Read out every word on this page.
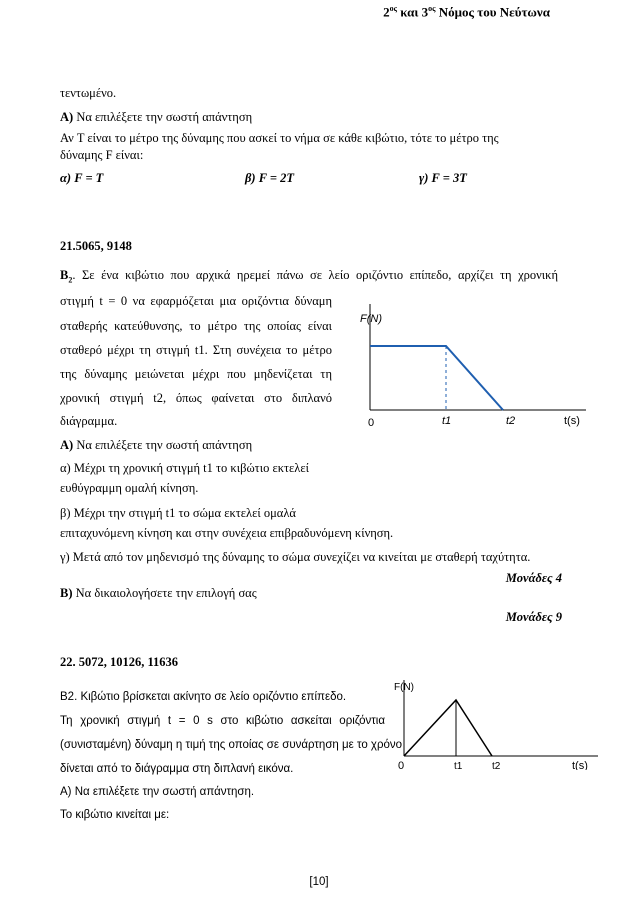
$2^{o\varsigma}$ και $3^{o\varsigma}$ Νόμος του Νεύτωνα
τεντωμένο.
A) Να επιλέξετε την σωστή απάντηση
Αν T είναι το μέτρο της δύναμης που ασκεί το νήμα σε κάθε κιβώτιο, τότε το μέτρο της
δύναμης F είναι:
α) F = T	β) F = 2T	γ) F = 3T
21.5065, 9148
$B_2$. Σε ένα κιβώτιο που αρχικά ηρεμεί πάνω σε λείο οριζόντιο επίπεδο, αρχίζει τη χρονική
στιγμή t = 0 να εφαρμόζεται μια οριζόντια δύναμη
σταθερής κατεύθυνσης, το μέτρο της οποίας είναι
σταθερό μέχρι τη στιγμή t1. Στη συνέχεια το μέτρο
της δύναμης μειώνεται μέχρι που μηδενίζεται τη
χρονική στιγμή t2, όπως φαίνεται στο διπλανό
διάγραμμα.
A) Να επιλέξετε την σωστή απάντηση
α) Μέχρι τη χρονική στιγμή t1 το κιβώτιο εκτελεί
ευθύγραμμη ομαλή κίνηση.
β) Μέχρι την στιγμή t1 το σώμα εκτελεί ομαλά
επιταχυνόμενη κίνηση και στην συνέχεια επιβραδυνόμενη κίνηση.
γ) Μετά από τον μηδενισμό της δύναμης το σώμα συνεχίζει να κινείται με σταθερή ταχύτητα.
Μονάδες 4
B) Να δικαιολογήσετε την επιλογή σας
Μονάδες 9
F(N)
0	t1	t2	t(s)
22. 5072, 10126, 11636
B2. Κιβώτιο βρίσκεται ακίνητο σε λείο οριζόντιο επίπεδο.
Τη χρονική στιγμή t = 0 s στο κιβώτιο ασκείται οριζόντια
(συνισταμένη) δύναμη η τιμή της οποίας σε συνάρτηση με το χρόνο
δίνεται από το διάγραμμα στη διπλανή εικόνα.
Α) Να επιλέξετε την σωστή απάντηση.
Το κιβώτιο κινείται με:
F(N)
0	t1	t2	t(s)
[10]
